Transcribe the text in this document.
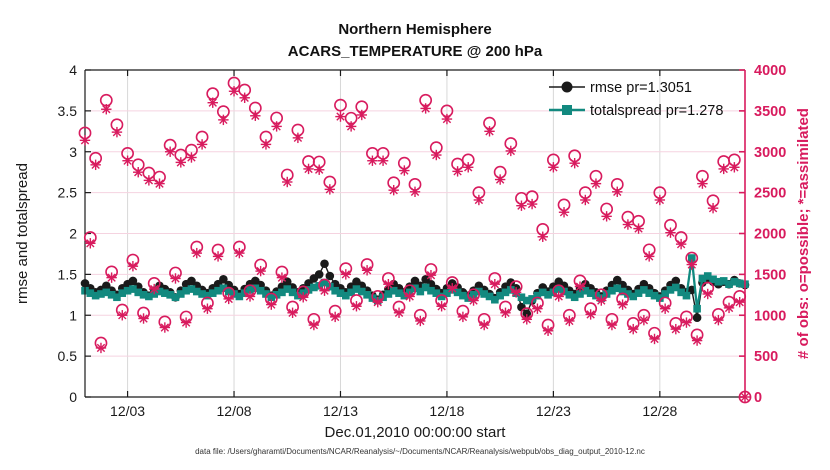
rmse pr=1.3051
totalspread pr=1.278
12/03	12/08	12/13	12/18	12/23	12/28
0
0.5
1
1.5
2
2.5
3
3.5
4
0
500
1000
1500
2000
2500
3000
3500
4000
Northern Hemisphere
ACARS_TEMPERATURE @ 200 hPa
Dec.01,2010 00:00:00 start
rmse and totalspread	# of obs: o=possible; *=assimilated
data file: /Users/gharamti/Documents/NCAR/Reanalysis/~/Documents/NCAR/Reanalysis/webpub/obs_diag_output_2010-12.nc
